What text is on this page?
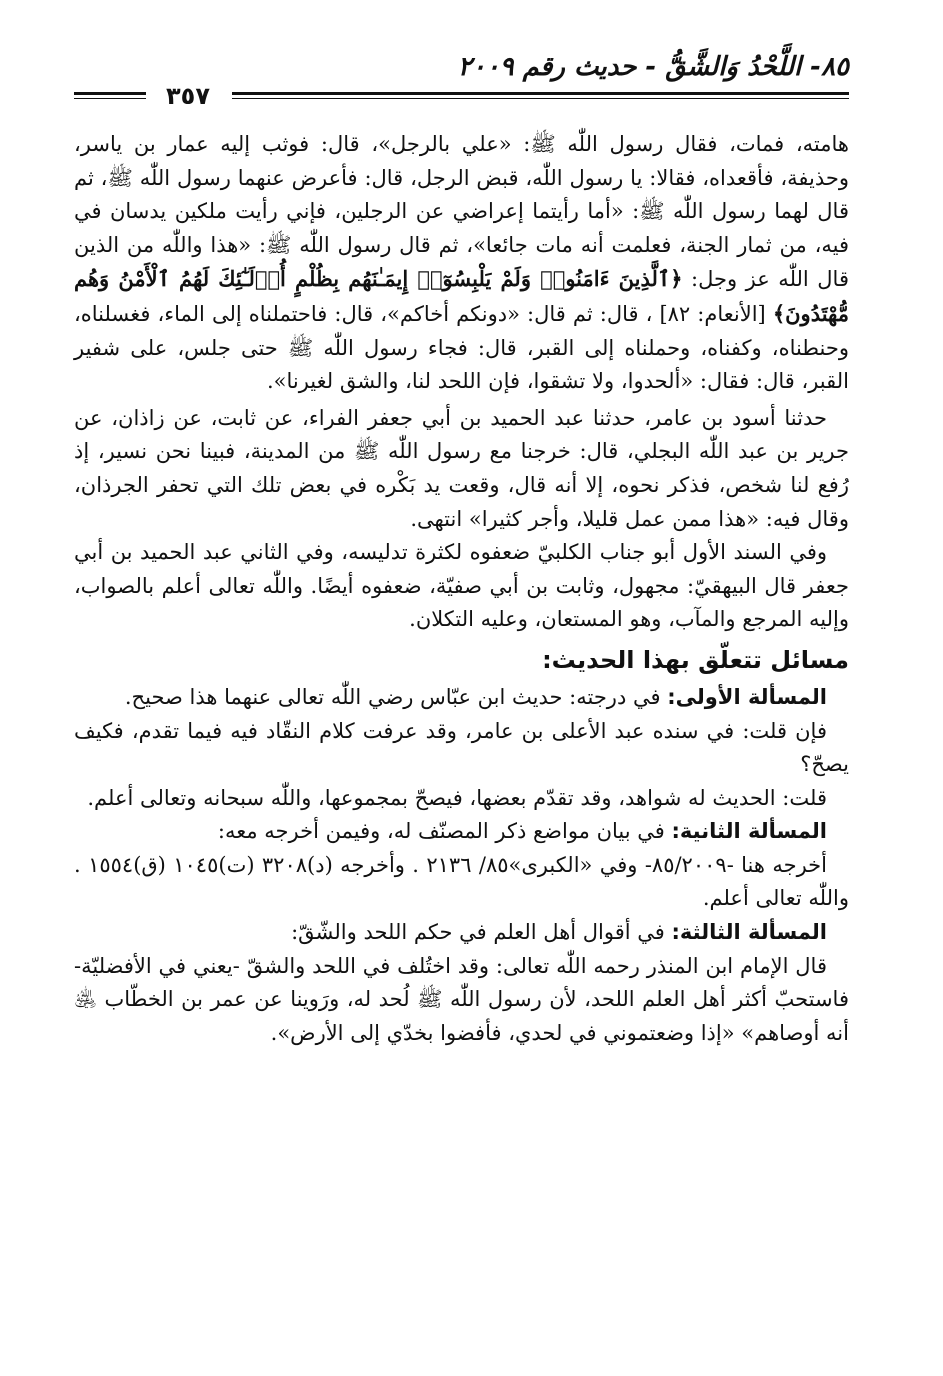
٨٥- اللَّحْدُ وَالشَّقُّ - حديث رقم ٢٠٠٩
٣٥٧

هامته، فمات، فقال رسول اللّٰه ﷺ: «علي بالرجل»، قال: فوثب إليه عمار بن ياسر، وحذيفة، فأقعداه، فقالا: يا رسول اللّٰه، قبض الرجل، قال: فأعرض عنهما رسول اللّٰه ﷺ، ثم قال لهما رسول اللّٰه ﷺ: «أما رأيتما إعراضي عن الرجلين، فإني رأيت ملكين يدسان في فيه، من ثمار الجنة، فعلمت أنه مات جائعا»، ثم قال رسول اللّٰه ﷺ: «هذا واللّٰه من الذين قال اللّٰه عز وجل: ﴿ٱلَّذِينَ ءَامَنُوا۟ وَلَمْ يَلْبِسُوٓا۟ إِيمَـٰنَهُم بِظُلْمٍ أُو۟لَـٰٓئِكَ لَهُمُ ٱلْأَمْنُ وَهُم مُّهْتَدُونَ﴾ [الأنعام: ٨٢] ، قال: ثم قال: «دونكم أخاكم»، قال: فاحتملناه إلى الماء، فغسلناه، وحنطناه، وكفناه، وحملناه إلى القبر، قال: فجاء رسول اللّٰه ﷺ حتى جلس، على شفير القبر، قال: فقال: «ألحدوا، ولا تشقوا، فإن اللحد لنا، والشق لغيرنا».

حدثنا أسود بن عامر، حدثنا عبد الحميد بن أبي جعفر الفراء، عن ثابت، عن زاذان، عن جرير بن عبد اللّٰه البجلي، قال: خرجنا مع رسول اللّٰه ﷺ من المدينة، فبينا نحن نسير، إذ رُفع لنا شخص، فذكر نحوه، إلا أنه قال، وقعت يد بَكْره في بعض تلك التي تحفر الجرذان، وقال فيه: «هذا ممن عمل قليلا، وأجر كثيرا» انتهى.

وفي السند الأول أبو جناب الكلبيّ ضعفوه لكثرة تدليسه، وفي الثاني عبد الحميد بن أبي جعفر قال البيهقيّ: مجهول، وثابت بن أبي صفيّة، ضعفوه أيضًا. واللّٰه تعالى أعلم بالصواب، وإليه المرجع والمآب، وهو المستعان، وعليه التكلان.

مسائل تتعلّق بهذا الحديث:

المسألة الأولى: في درجته: حديث ابن عبّاس رضي اللّٰه تعالى عنهما هذا صحيح.

فإن قلت: في سنده عبد الأعلى بن عامر، وقد عرفت كلام النقّاد فيه فيما تقدم، فكيف يصحّ؟

قلت: الحديث له شواهد، وقد تقدّم بعضها، فيصحّ بمجموعها، واللّٰه سبحانه وتعالى أعلم.

المسألة الثانية: في بيان مواضع ذكر المصنّف له، وفيمن أخرجه معه:

أخرجه هنا -٨٥/٢٠٠٩- وفي «الكبرى»٨٥/ ٢١٣٦ . وأخرجه (د)٣٢٠٨ (ت)١٠٤٥ (ق)١٥٥٤ . واللّٰه تعالى أعلم.

المسألة الثالثة: في أقوال أهل العلم في حكم اللحد والشّقّ:

قال الإمام ابن المنذر رحمه اللّٰه تعالى: وقد اختُلف في اللحد والشقّ -يعني في الأفضليّة- فاستحبّ أكثر أهل العلم اللحد، لأن رسول اللّٰه ﷺ لُحد له، ورَوينا عن عمر بن الخطّاب ﵁ أنه أوصاهم» «إذا وضعتموني في لحدي، فأفضوا بخدّي إلى الأرض».
